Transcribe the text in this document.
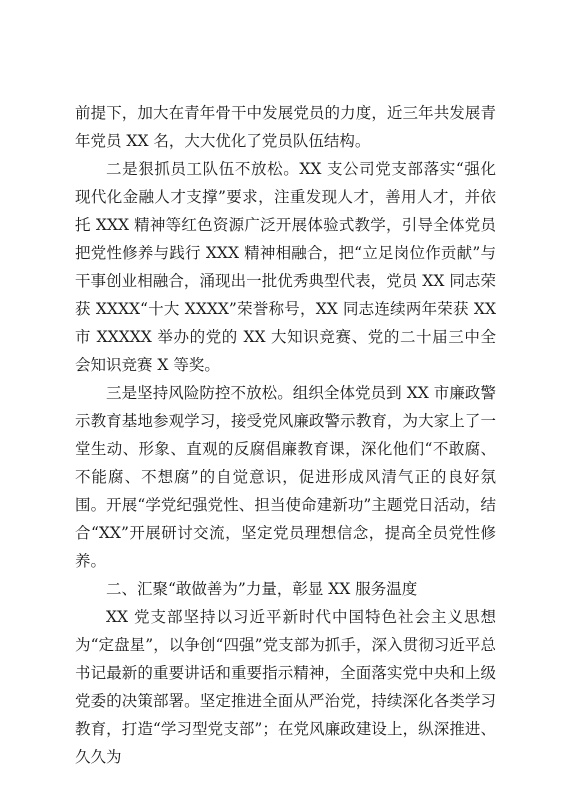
前提下，加大在青年骨干中发展党员的力度，近三年共发展青年党员 XX 名，大大优化了党员队伍结构。

二是狠抓员工队伍不放松。XX 支公司党支部落实“强化现代化金融人才支撑”要求，注重发现人才，善用人才，并依托 XXX 精神等红色资源广泛开展体验式教学，引导全体党员把党性修养与践行 XXX 精神相融合，把“立足岗位作贡献”与干事创业相融合，涌现出一批优秀典型代表，党员 XX 同志荣获 XXXX“十大 XXXX”荣誉称号，XX 同志连续两年荣获 XX 市 XXXXX 举办的党的 XX 大知识竞赛、党的二十届三中全会知识竞赛 X 等奖。

三是坚持风险防控不放松。组织全体党员到 XX 市廉政警示教育基地参观学习，接受党风廉政警示教育，为大家上了一堂生动、形象、直观的反腐倡廉教育课，深化他们“不敢腐、不能腐、不想腐”的自觉意识，促进形成风清气正的良好氛围。开展“学党纪强党性、担当使命建新功”主题党日活动，结合“XX”开展研讨交流，坚定党员理想信念，提高全员党性修养。

二、汇聚“敢做善为”力量，彰显 XX 服务温度

XX 党支部坚持以习近平新时代中国特色社会主义思想为“定盘星”，以争创“四强”党支部为抓手，深入贯彻习近平总书记最新的重要讲话和重要指示精神，全面落实党中央和上级党委的决策部署。坚定推进全面从严治党，持续深化各类学习教育，打造“学习型党支部”；在党风廉政建设上，纵深推进、久久为
